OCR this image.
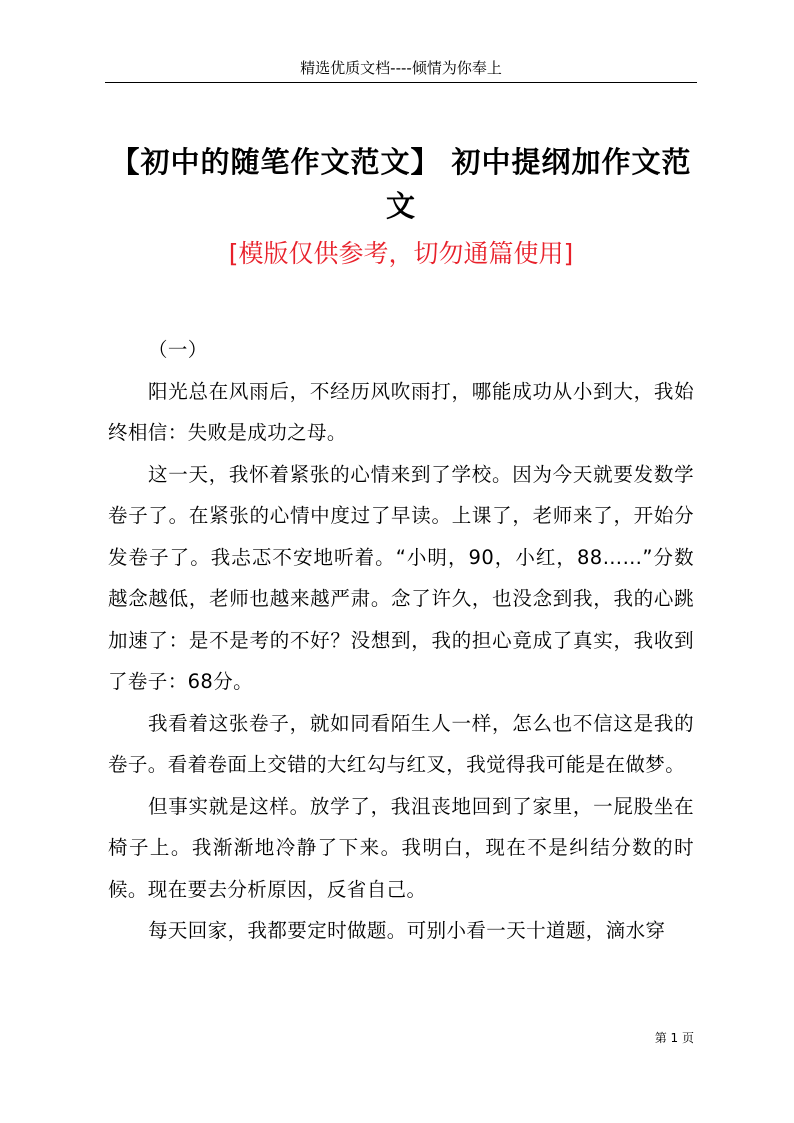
精选优质文档----倾情为你奉上
【初中的随笔作文范文】 初中提纲加作文范文
[模版仅供参考，切勿通篇使用]

（一）

阳光总在风雨后，不经历风吹雨打，哪能成功从小到大，我始终相信：失败是成功之母。

这一天，我怀着紧张的心情来到了学校。因为今天就要发数学卷子了。在紧张的心情中度过了早读。上课了，老师来了，开始分发卷子了。我忐忑不安地听着。“小明，90，小红，88……”分数越念越低，老师也越来越严肃。念了许久，也没念到我，我的心跳加速了：是不是考的不好？没想到，我的担心竟成了真实，我收到了卷子：68分。

我看着这张卷子，就如同看陌生人一样，怎么也不信这是我的卷子。看着卷面上交错的大红勾与红叉，我觉得我可能是在做梦。

但事实就是这样。放学了，我沮丧地回到了家里，一屁股坐在椅子上。我渐渐地冷静了下来。我明白，现在不是纠结分数的时候。现在要去分析原因，反省自己。

每天回家，我都要定时做题。可别小看一天十道题，滴水穿

第 1 页
